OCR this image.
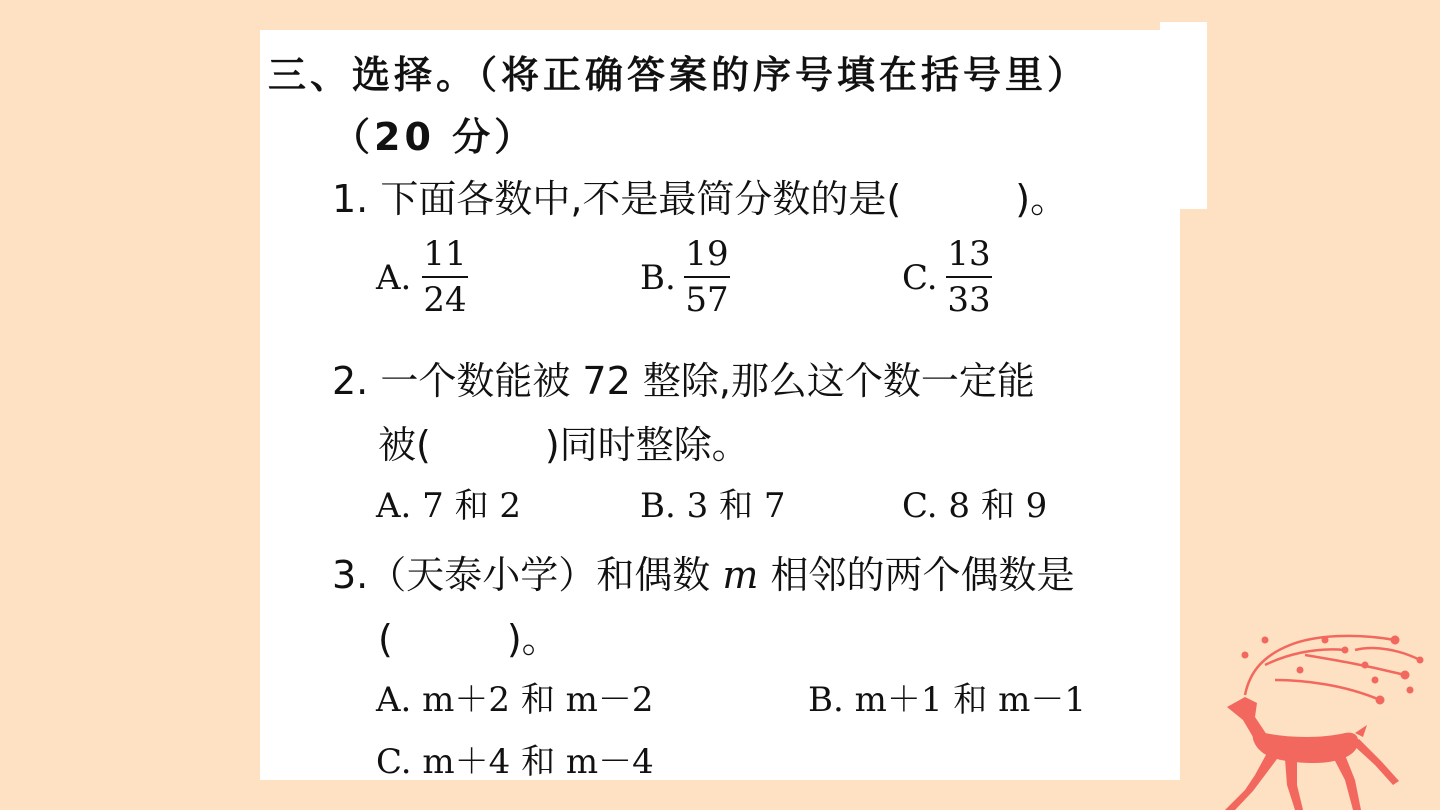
三、选择。（将正确答案的序号填在括号里）
（20 分）
1. 下面各数中,不是最简分数的是(　　　)。
A.
11
24
B.
19
57
C.
13
33
2. 一个数能被 72 整除,那么这个数一定能
被(　　　)同时整除。
A. 7 和 2	B. 3 和 7	C. 8 和 9
3.（天泰小学）和偶数 m 相邻的两个偶数是
(　　　)。
A. m＋2 和 m－2	B. m＋1 和 m－1
C. m＋4 和 m－4
